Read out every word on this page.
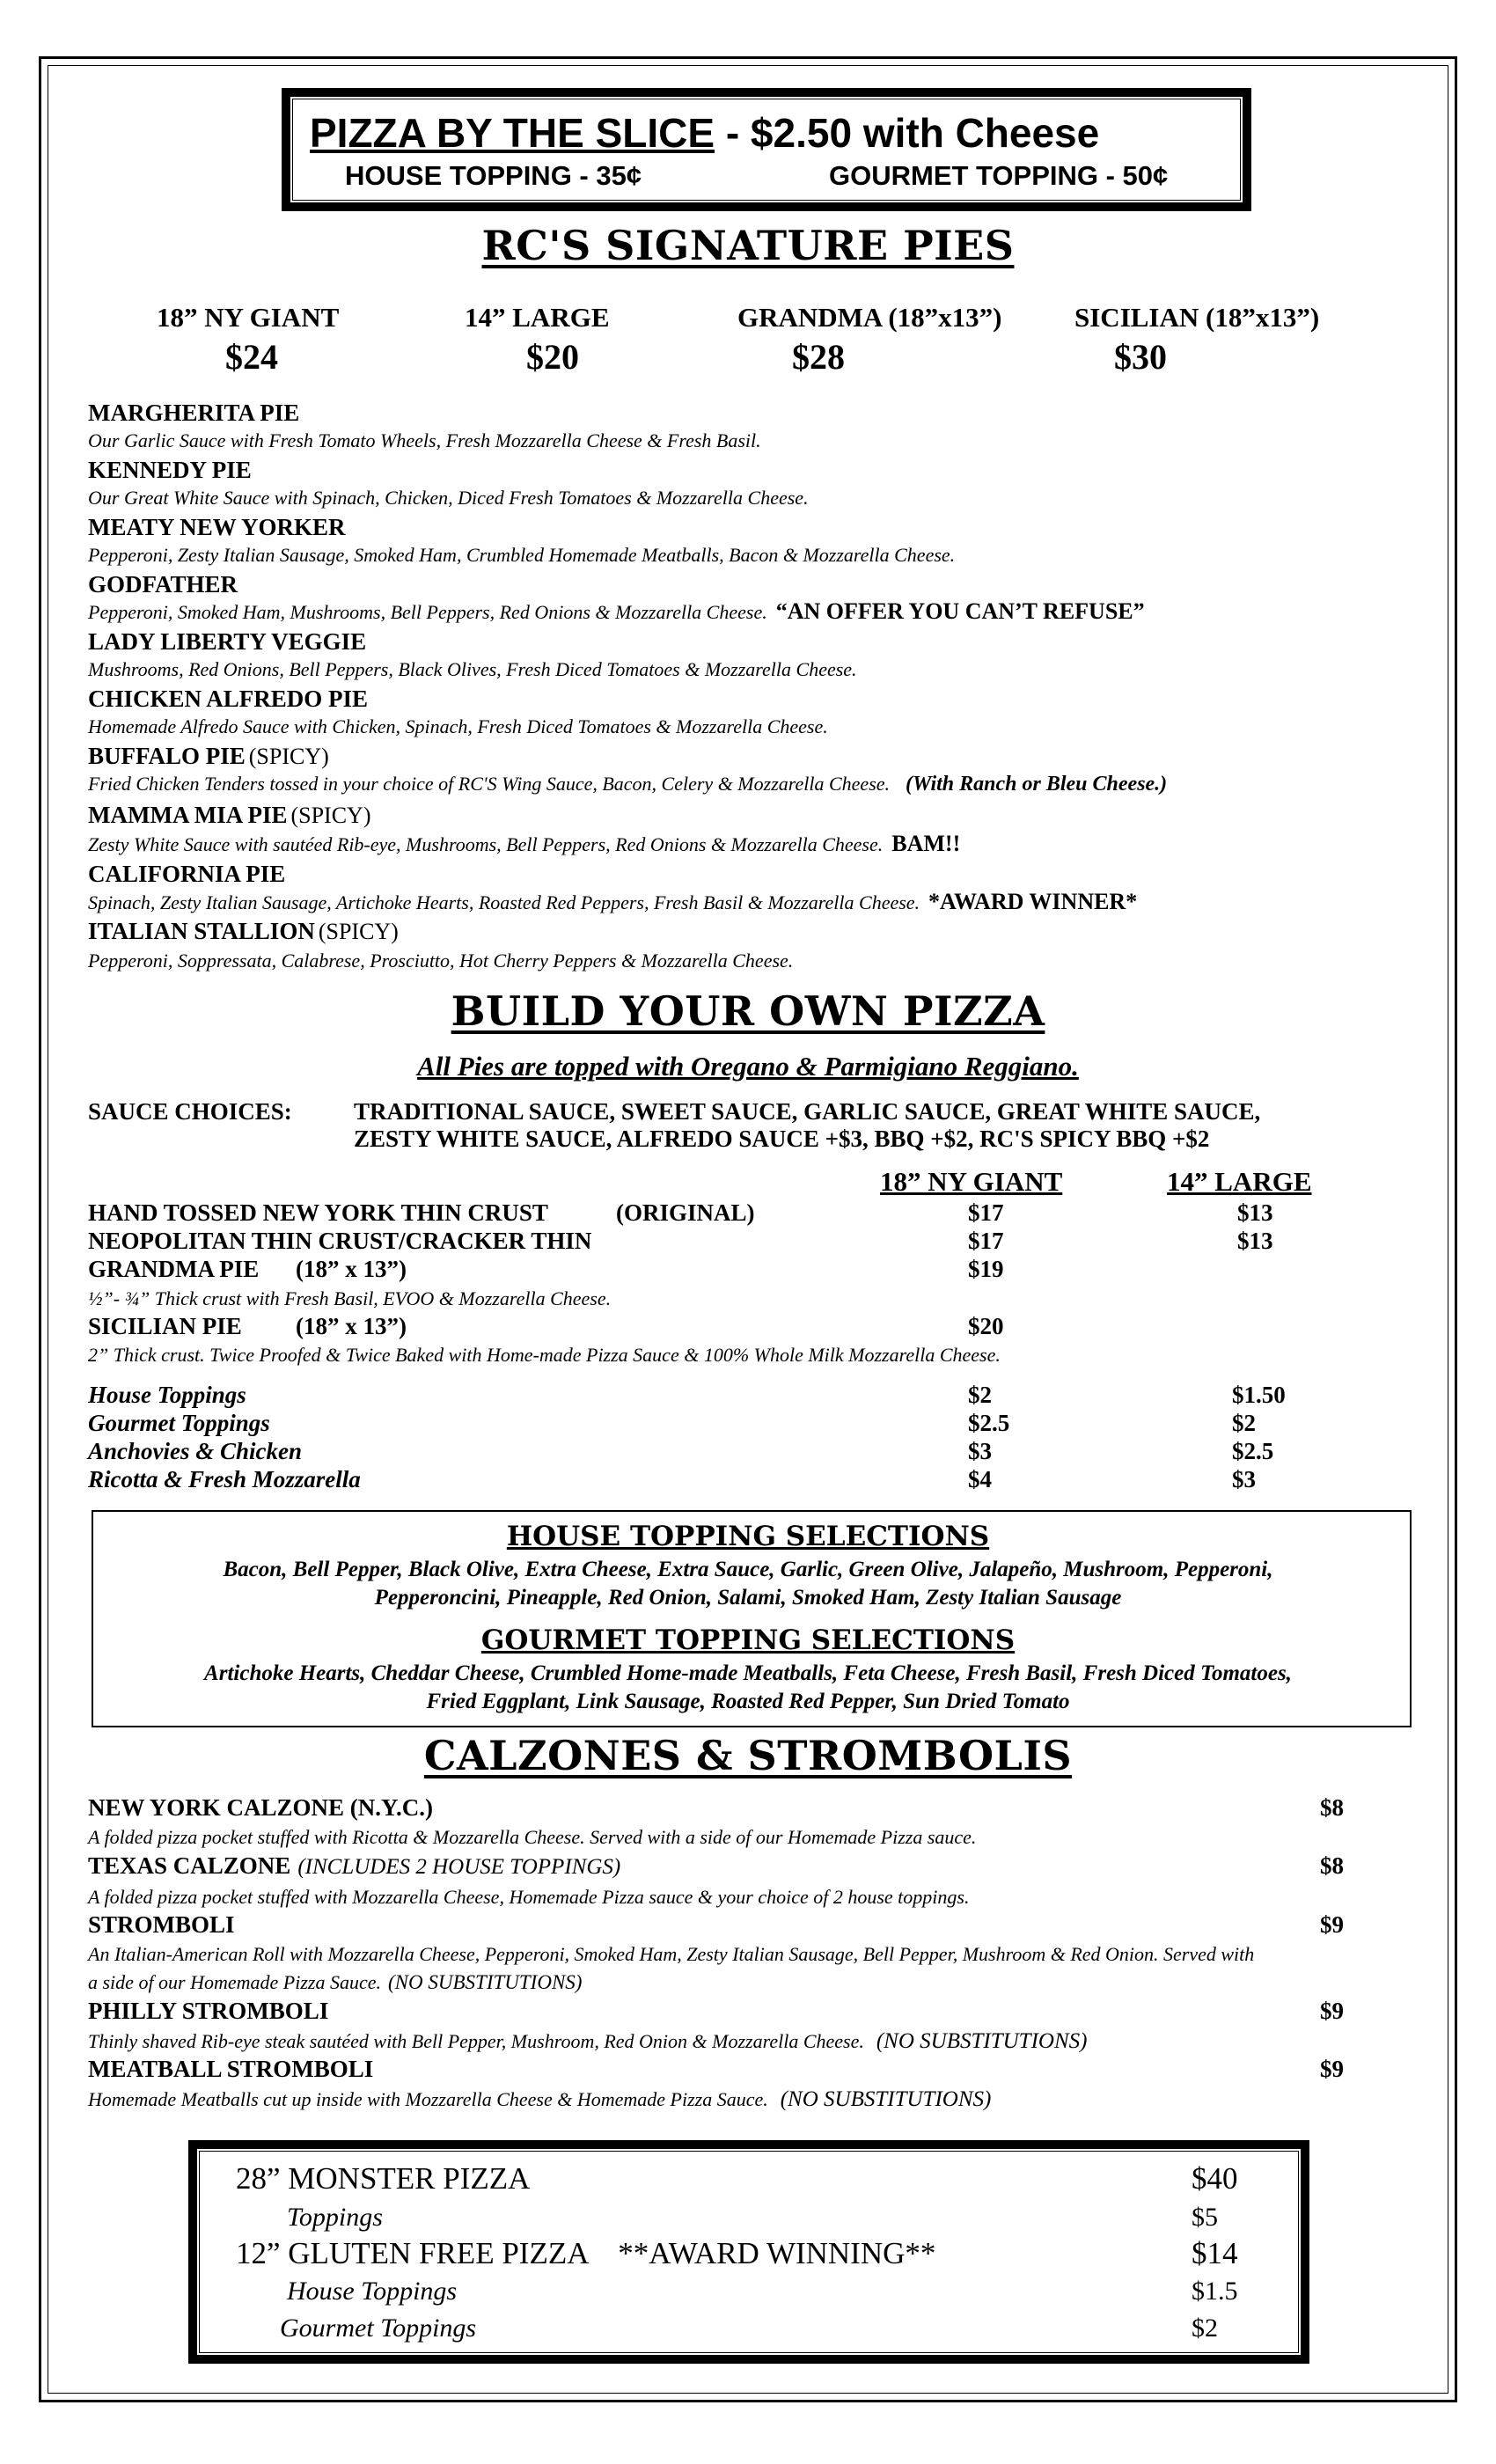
PIZZA BY THE SLICE - $2.50 with Cheese
HOUSE TOPPING - 35¢	GOURMET TOPPING - 50¢
RC'S SIGNATURE PIES
18” NY GIANT
$24
14” LARGE
$20
GRANDMA (18”x13”)
$28
SICILIAN (18”x13”)
$30
MARGHERITA PIE
Our Garlic Sauce with Fresh Tomato Wheels, Fresh Mozzarella Cheese & Fresh Basil.
KENNEDY PIE
Our Great White Sauce with Spinach, Chicken, Diced Fresh Tomatoes & Mozzarella Cheese.
MEATY NEW YORKER
Pepperoni, Zesty Italian Sausage, Smoked Ham, Crumbled Homemade Meatballs, Bacon & Mozzarella Cheese.
GODFATHER
Pepperoni, Smoked Ham, Mushrooms, Bell Peppers, Red Onions & Mozzarella Cheese. “AN OFFER YOU CAN’T REFUSE”
LADY LIBERTY VEGGIE
Mushrooms, Red Onions, Bell Peppers, Black Olives, Fresh Diced Tomatoes & Mozzarella Cheese.
CHICKEN ALFREDO PIE
Homemade Alfredo Sauce with Chicken, Spinach, Fresh Diced Tomatoes & Mozzarella Cheese.
BUFFALO PIE (SPICY)
Fried Chicken Tenders tossed in your choice of RC'S Wing Sauce, Bacon, Celery & Mozzarella Cheese. (With Ranch or Bleu Cheese.)
MAMMA MIA PIE (SPICY)
Zesty White Sauce with sautéed Rib-eye, Mushrooms, Bell Peppers, Red Onions & Mozzarella Cheese. BAM!!
CALIFORNIA PIE
Spinach, Zesty Italian Sausage, Artichoke Hearts, Roasted Red Peppers, Fresh Basil & Mozzarella Cheese. *AWARD WINNER*
ITALIAN STALLION (SPICY)
Pepperoni, Soppressata, Calabrese, Prosciutto, Hot Cherry Peppers & Mozzarella Cheese.
BUILD YOUR OWN PIZZA
All Pies are topped with Oregano & Parmigiano Reggiano.
SAUCE CHOICES:	TRADITIONAL SAUCE, SWEET SAUCE, GARLIC SAUCE, GREAT WHITE SAUCE,
ZESTY WHITE SAUCE, ALFREDO SAUCE +$3, BBQ +$2, RC'S SPICY BBQ +$2
18” NY GIANT	14” LARGE
HAND TOSSED NEW YORK THIN CRUST	(ORIGINAL)	$17	$13
NEOPOLITAN THIN CRUST/CRACKER THIN	$17	$13
GRANDMA PIE (18” x 13”)	$19
½”- ¾” Thick crust with Fresh Basil, EVOO & Mozzarella Cheese.
SICILIAN PIE (18” x 13”)	$20
2” Thick crust. Twice Proofed & Twice Baked with Home-made Pizza Sauce & 100% Whole Milk Mozzarella Cheese.
House Toppings	$2	$1.50
Gourmet Toppings	$2.5	$2
Anchovies & Chicken	$3	$2.5
Ricotta & Fresh Mozzarella	$4	$3
HOUSE TOPPING SELECTIONS
Bacon, Bell Pepper, Black Olive, Extra Cheese, Extra Sauce, Garlic, Green Olive, Jalapeño, Mushroom, Pepperoni,
Pepperoncini, Pineapple, Red Onion, Salami, Smoked Ham, Zesty Italian Sausage
GOURMET TOPPING SELECTIONS
Artichoke Hearts, Cheddar Cheese, Crumbled Home-made Meatballs, Feta Cheese, Fresh Basil, Fresh Diced Tomatoes,
Fried Eggplant, Link Sausage, Roasted Red Pepper, Sun Dried Tomato
CALZONES & STROMBOLIS
NEW YORK CALZONE (N.Y.C.)	$8
A folded pizza pocket stuffed with Ricotta & Mozzarella Cheese. Served with a side of our Homemade Pizza sauce.
TEXAS CALZONE (INCLUDES 2 HOUSE TOPPINGS)	$8
A folded pizza pocket stuffed with Mozzarella Cheese, Homemade Pizza sauce & your choice of 2 house toppings.
STROMBOLI	$9
An Italian-American Roll with Mozzarella Cheese, Pepperoni, Smoked Ham, Zesty Italian Sausage, Bell Pepper, Mushroom & Red Onion. Served with
a side of our Homemade Pizza Sauce. (NO SUBSTITUTIONS)
PHILLY STROMBOLI	$9
Thinly shaved Rib-eye steak sautéed with Bell Pepper, Mushroom, Red Onion & Mozzarella Cheese. (NO SUBSTITUTIONS)
MEATBALL STROMBOLI	$9
Homemade Meatballs cut up inside with Mozzarella Cheese & Homemade Pizza Sauce. (NO SUBSTITUTIONS)
28” MONSTER PIZZA	$40
Toppings	$5
12” GLUTEN FREE PIZZA **AWARD WINNING**	$14
House Toppings	$1.5
Gourmet Toppings	$2
